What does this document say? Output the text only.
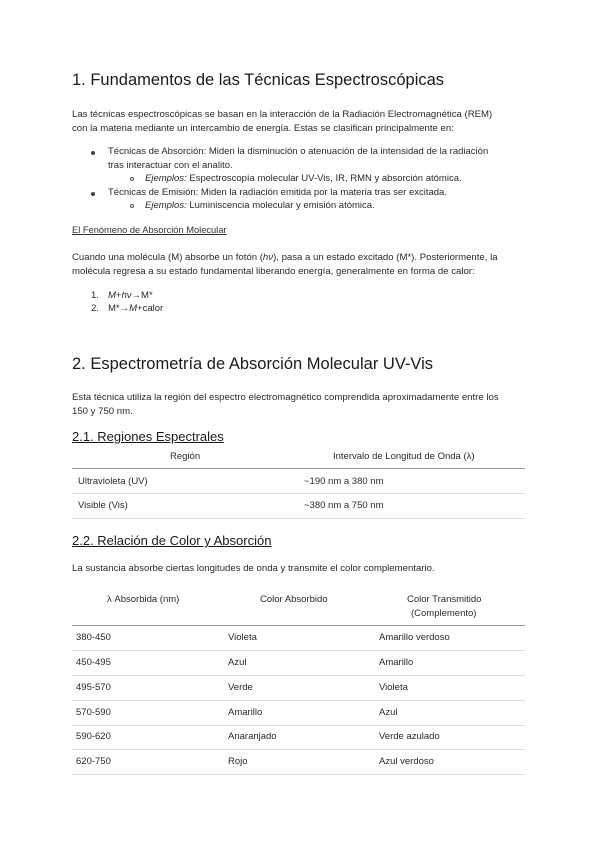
1. Fundamentos de las Técnicas Espectroscópicas

Las técnicas espectroscópicas se basan en la interacción de la Radiación Electromagnética (REM)

con la materia mediante un intercambio de energía. Estas se clasifican principalmente en:

Técnicas de Absorción: Miden la disminución o atenuación de la intensidad de la radiación
tras interactuar con el analito.
Ejemplos: Espectroscopía molecular UV-Vis, IR, RMN y absorción atómica.
Técnicas de Emisión: Miden la radiación emitida por la materia tras ser excitada.
Ejemplos: Luminiscencia molecular y emisión atómica.
El Fenómeno de Absorción Molecular

Cuando una molécula (M) absorbe un fotón (hν), pasa a un estado excitado (M*). Posteriormente, la

molécula regresa a su estado fundamental liberando energía, generalmente en forma de calor:

1. M+hν→M*
2. M*→M+calor
2. Espectrometría de Absorción Molecular UV-Vis

Esta técnica utiliza la región del espectro electromagnético comprendida aproximadamente entre los

150 y 750 nm.

2.1. Regiones Espectrales
Región	Intervalo de Longitud de Onda (λ)
Ultravioleta (UV)	~190 nm a 380 nm
Visible (Vis)	~380 nm a 750 nm
2.2. Relación de Color y Absorción

La sustancia absorbe ciertas longitudes de onda y transmite el color complementario.

λ Absorbida (nm)	Color Absorbido	Color Transmitido
(Complemento)
380-450	Violeta	Amarillo verdoso
450-495	Azul	Amarillo
495-570	Verde	Violeta
570-590	Amarillo	Azul
590-620	Anaranjado	Verde azulado
620-750	Rojo	Azul verdoso
